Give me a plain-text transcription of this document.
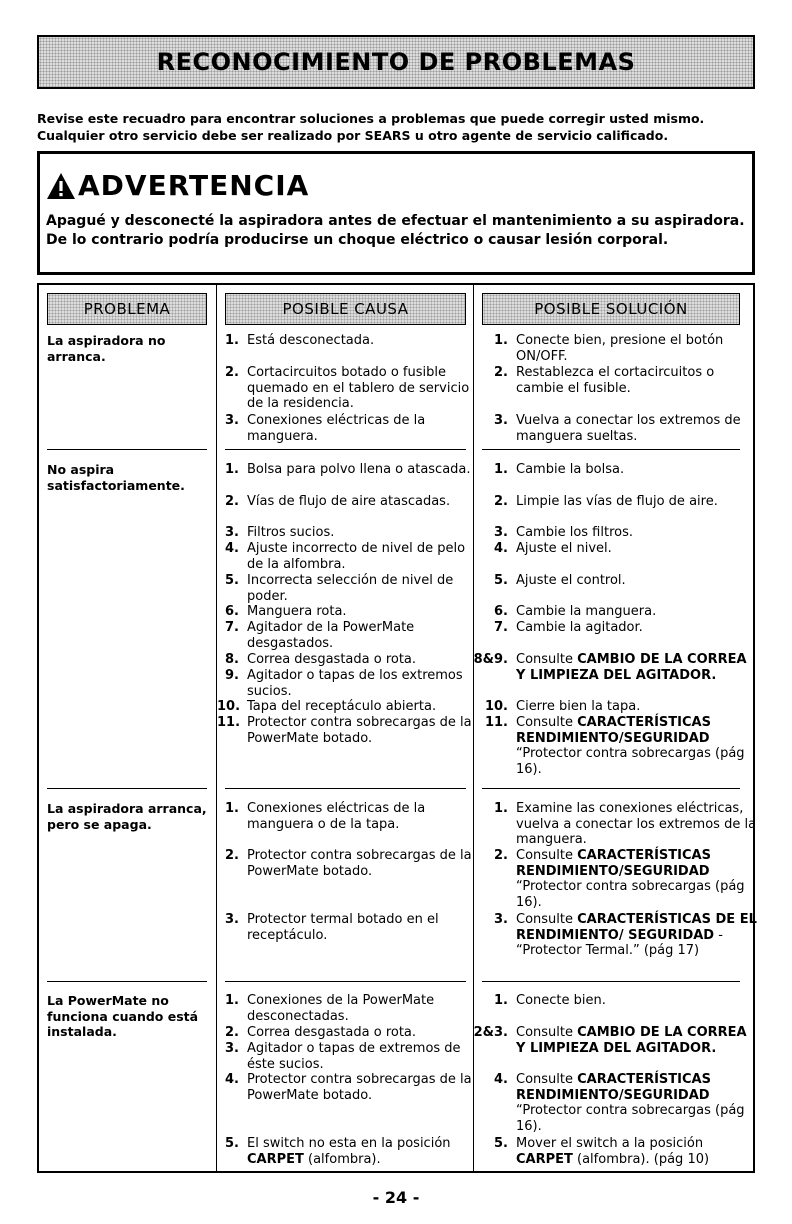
RECONOCIMIENTO DE PROBLEMAS
Revise este recuadro para encontrar soluciones a problemas que puede corregir usted mismo.
Cualquier otro servicio debe ser realizado por SEARS u otro agente de servicio calificado.
ADVERTENCIA
Apagué y desconecté la aspiradora antes de efectuar el mantenimiento a su aspiradora. De lo contrario podría producirse un choque eléctrico o causar lesión corporal.
PROBLEMA	POSIBLE CAUSA	POSIBLE SOLUCIÓN
La aspiradora no arranca.
1. Está desconectada.
2. Cortacircuitos botado o fusible quemado en el tablero de servicio de la residencia.
3. Conexiones eléctricas de la manguera.
1. Conecte bien, presione el botón ON/OFF.
2. Restablezca el cortacircuitos o cambie el fusible.
3. Vuelva a conectar los extremos de manguera sueltas.
No aspira satisfactoriamente.
1. Bolsa para polvo llena o atascada.
2. Vías de flujo de aire atascadas.
3. Filtros sucios.
4. Ajuste incorrecto de nivel de pelo de la alfombra.
5. Incorrecta selección de nivel de poder.
6. Manguera rota.
7. Agitador de la PowerMate desgastados.
8. Correa desgastada o rota.
9. Agitador o tapas de los extremos sucios.
10. Tapa del receptáculo abierta.
11. Protector contra sobrecargas de la PowerMate botado.
1. Cambie la bolsa.
2. Limpie las vías de flujo de aire.
3. Cambie los filtros.
4. Ajuste el nivel.
5. Ajuste el control.
6. Cambie la manguera.
7. Cambie la agitador.
8&9. Consulte CAMBIO DE LA CORREA Y LIMPIEZA DEL AGITADOR.
10. Cierre bien la tapa.
11. Consulte CARACTERÍSTICAS RENDIMIENTO/SEGURIDAD “Protector contra sobrecargas (pág 16).
La aspiradora arranca, pero se apaga.
1. Conexiones eléctricas de la manguera o de la tapa.
2. Protector contra sobrecargas de la PowerMate botado.
3. Protector termal botado en el receptáculo.
1. Examine las conexiones eléctricas, vuelva a conectar los extremos de la manguera.
2. Consulte CARACTERÍSTICAS RENDIMIENTO/SEGURIDAD “Protector contra sobrecargas (pág 16).
3. Consulte CARACTERÍSTICAS DE EL RENDIMIENTO/ SEGURIDAD - “Protector Termal.” (pág 17)
La PowerMate no funciona cuando está instalada.
1. Conexiones de la PowerMate desconectadas.
2. Correa desgastada o rota.
3. Agitador o tapas de extremos de éste sucios.
4. Protector contra sobrecargas de la PowerMate botado.
5. El switch no esta en la posición CARPET (alfombra).
1. Conecte bien.
2&3. Consulte CAMBIO DE LA CORREA Y LIMPIEZA DEL AGITADOR.
4. Consulte CARACTERÍSTICAS RENDIMIENTO/SEGURIDAD “Protector contra sobrecargas (pág 16).
5. Mover el switch a la posición CARPET (alfombra). (pág 10)
- 24 -
